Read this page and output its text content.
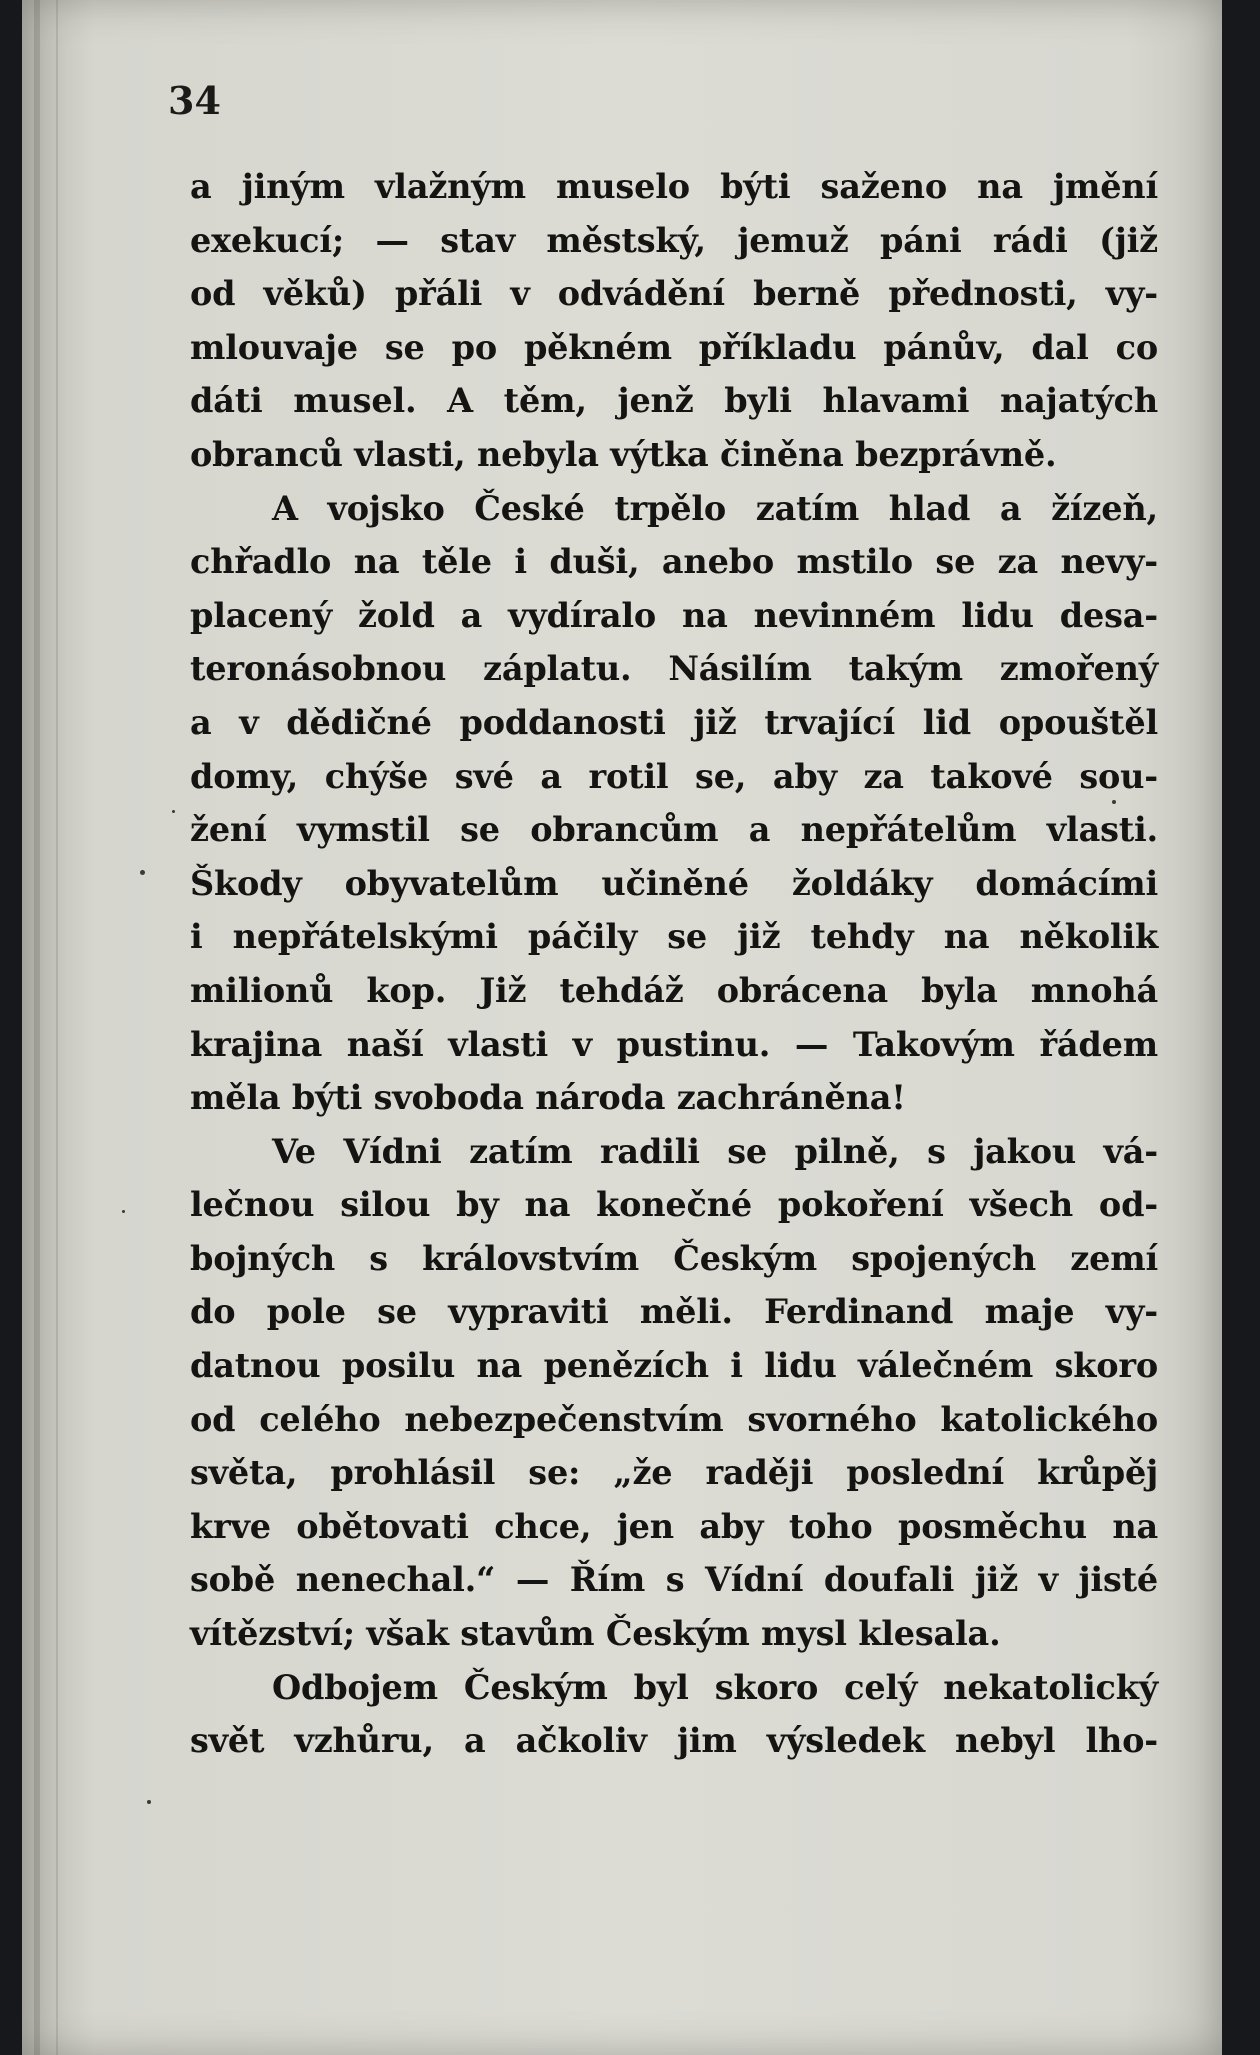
34
a jiným vlažným muselo býti saženo na jmění
exekucí; — stav městský, jemuž páni rádi (již
od věků) přáli v odvádění berně přednosti, vy-
mlouvaje se po pěkném příkladu pánův, dal co
dáti musel. A těm, jenž byli hlavami najatých
obranců vlasti, nebyla výtka činěna bezprávně.
A vojsko České trpělo zatím hlad a žízeň,
chřadlo na těle i duši, anebo mstilo se za nevy-
placený žold a vydíralo na nevinném lidu desa-
teronásobnou záplatu. Násilím takým zmořený
a v dědičné poddanosti již trvající lid opouštěl
domy, chýše své a rotil se, aby za takové sou-
žení vymstil se obrancům a nepřátelům vlasti.
Škody obyvatelům učiněné žoldáky domácími
i nepřátelskými páčily se již tehdy na několik
milionů kop. Již tehdáž obrácena byla mnohá
krajina naší vlasti v pustinu. — Takovým řádem
měla býti svoboda národa zachráněna!
Ve Vídni zatím radili se pilně, s jakou vá-
lečnou silou by na konečné pokoření všech od-
bojných s královstvím Českým spojených zemí
do pole se vypraviti měli. Ferdinand maje vy-
datnou posilu na penězích i lidu válečném skoro
od celého nebezpečenstvím svorného katolického
světa, prohlásil se: „že raději poslední krůpěj
krve obětovati chce, jen aby toho posměchu na
sobě nenechal.“ — Řím s Vídní doufali již v jisté
vítězství; však stavům Českým mysl klesala.
Odbojem Českým byl skoro celý nekatolický
svět vzhůru, a ačkoliv jim výsledek nebyl lho-
